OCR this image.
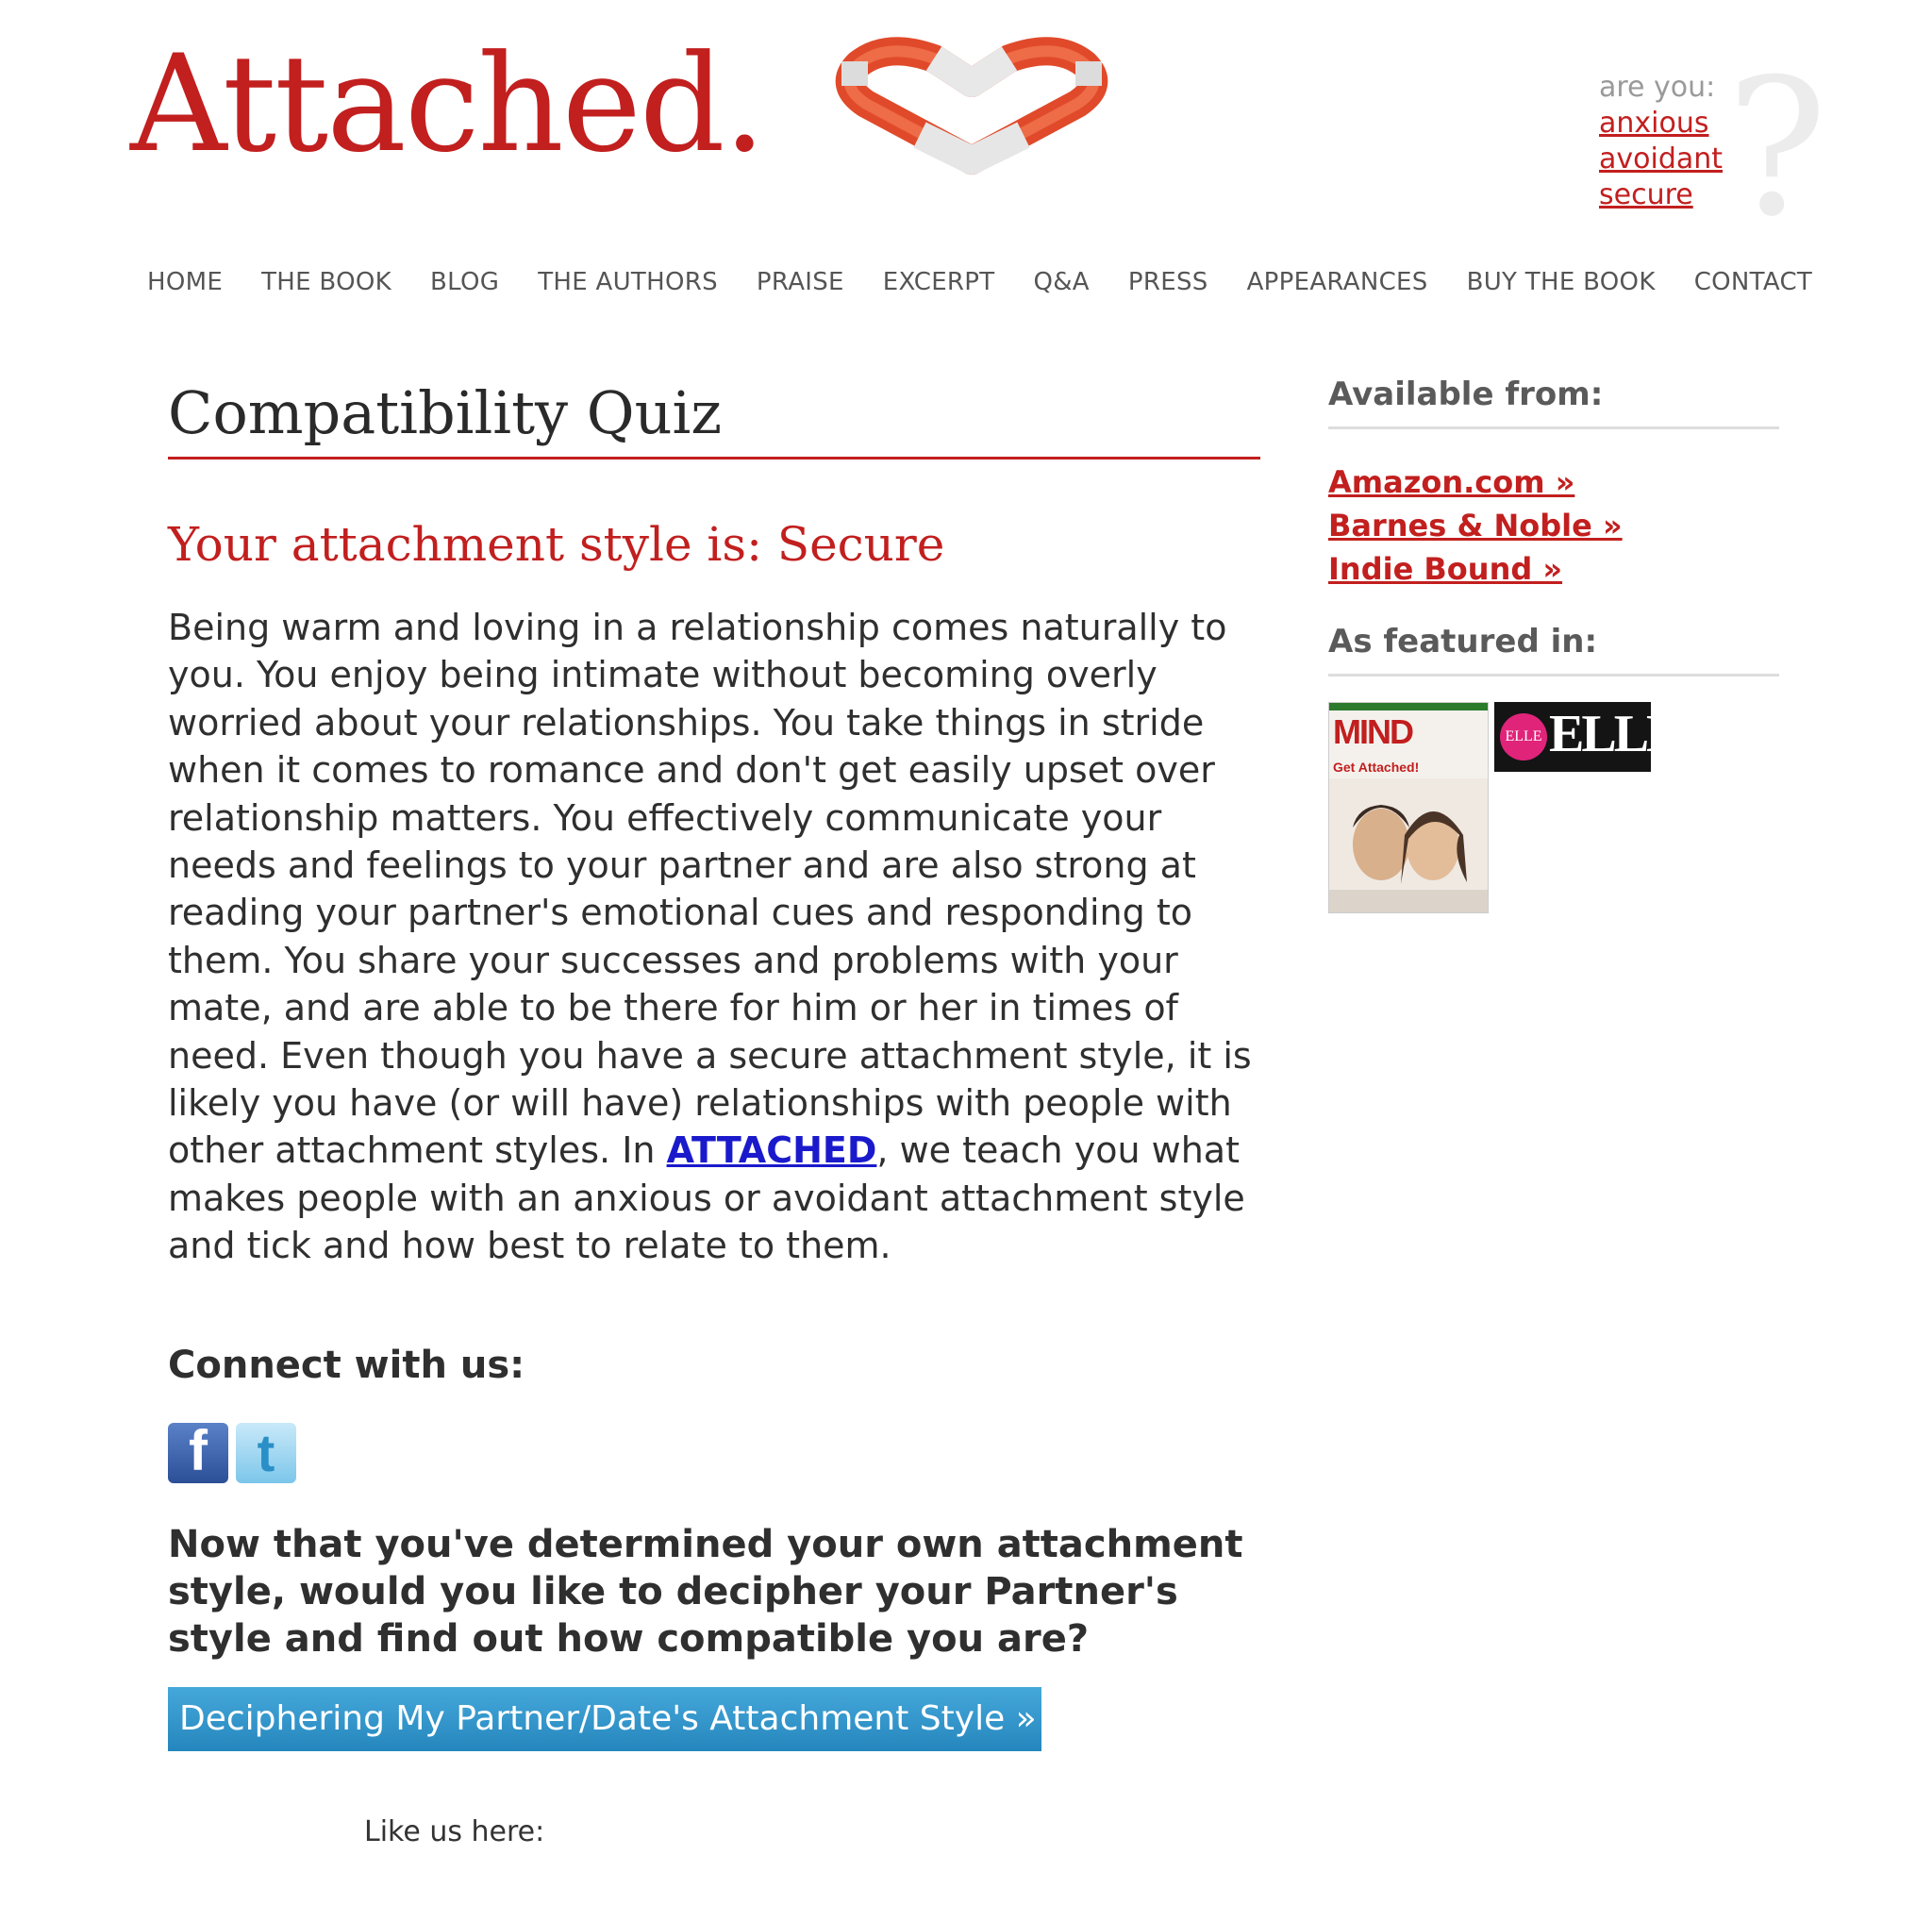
Attached.	?
are you:
anxious
avoidant
secure
HOME THE BOOK BLOG THE AUTHORS PRAISE EXCERPT Q&A PRESS APPEARANCES BUY THE BOOK CONTACT
Compatibility Quiz
Your attachment style is: Secure
Being warm and loving in a relationship comes naturally to you. You enjoy being intimate without becoming overly worried about your relationships. You take things in stride when it comes to romance and don't get easily upset over relationship matters. You effectively communicate your needs and feelings to your partner and are also strong at reading your partner's emotional cues and responding to them. You share your successes and problems with your mate, and are able to be there for him or her in times of need. Even though you have a secure attachment style, it is likely you have (or will have) relationships with people with other attachment styles. In ATTACHED, we teach you what makes people with an anxious or avoidant attachment style and tick and how best to relate to them.
Connect with us:
f t
Now that you've determined your own attachment style, would you like to decipher your Partner's style and find out how compatible you are?
Deciphering My Partner/Date's Attachment Style »
Like us here:
Available from:
Amazon.com »
Barnes & Noble »
Indie Bound »
As featured in:
MIND
Get Attached!
ELLE ELLE
